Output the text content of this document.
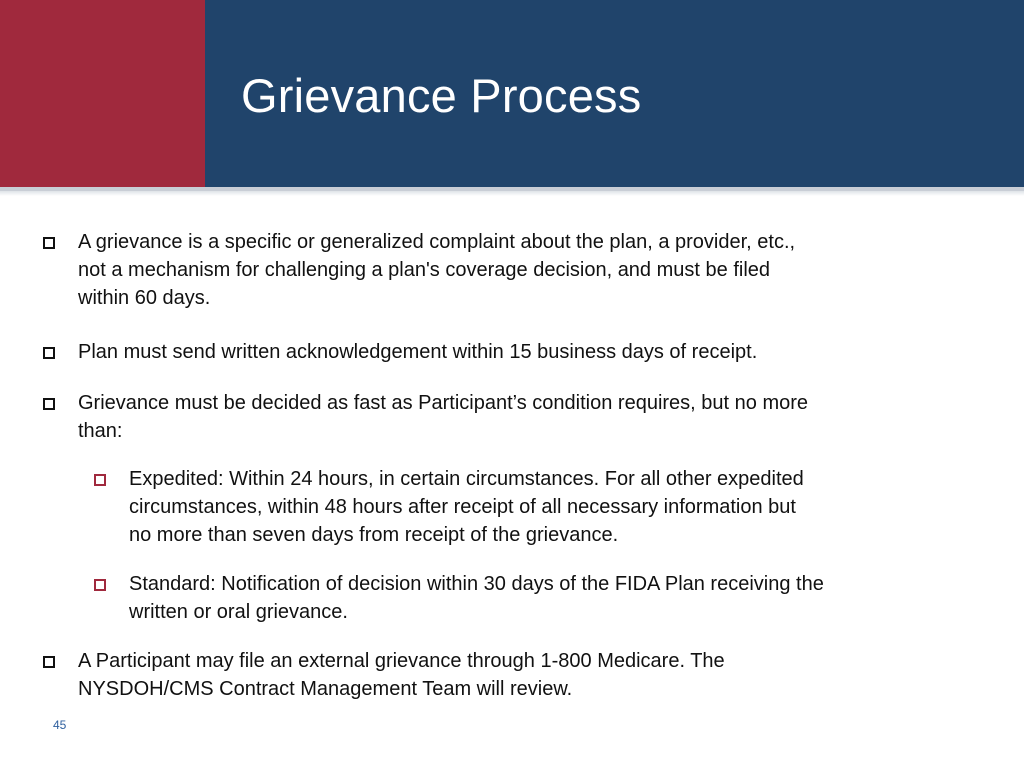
Grievance Process

A grievance is a specific or generalized complaint about the plan, a provider, etc.,

not a mechanism for challenging a plan's coverage decision, and must be filed

within 60 days.

Plan must send written acknowledgement within 15 business days of receipt.

Grievance must be decided as fast as Participant’s condition requires, but no more

than:

Expedited: Within 24 hours, in certain circumstances. For all other expedited

circumstances, within 48 hours after receipt of all necessary information but

no more than seven days from receipt of the grievance.

Standard: Notification of decision within 30 days of the FIDA Plan receiving the

written or oral grievance.

A Participant may file an external grievance through 1-800 Medicare. The

NYSDOH/CMS Contract Management Team will review.

45
